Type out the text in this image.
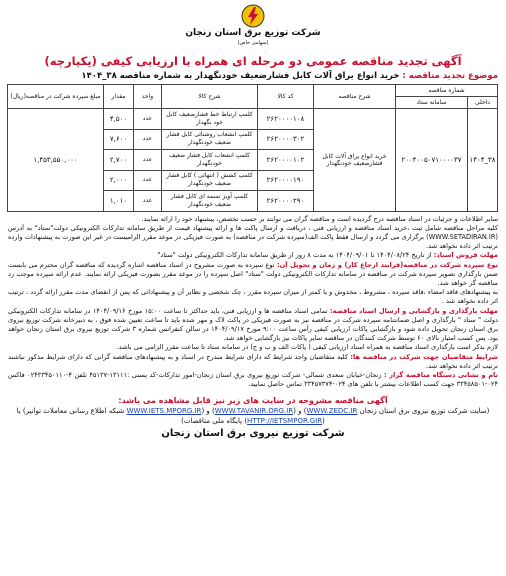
شرکت توزیع برق استان زنجان
(سهامی خاص)
آگهی تجدید مناقصه عمومی دو مرحله ای همراه با ارزیابی کیفی (یکپارچه)
موضوع تجدید مناقصه : خرید انواع یراق آلات کابل فشارضعیف خودنگهدار به شماره مناقصه ۳۸_۱۴۰۴
شماره مناقصه		شرح مناقصه	کد کالا	شرح کالا	واحد	مقدار	مبلغ سپرده شرکت در مناقصه(ریال)
داخلی	سامانه ستاد						
۳۸_۱۴۰۴	۲۰۰۴۰۰۵۰۷۱۰۰۰۰۳۷	خرید انواع یراق آلات کابل فشارضعیف خودنگهدار	۲۶۲۰۰۰۰۱۰۸	کلمپ ارتباط خط فشارضعیف کابل خود نگهدار	عدد	۴,۵۰۰	۱,۴۵۳,۵۵۰,۰۰۰
			۲۶۲۰۰۰۰۳۰۲	کلمپ انشعاب روشنائی کابل فشار ضعیف خودنگهدار	عدد	۷,۶۰۰	
			۲۶۲۰۰۰۰۱۰۲	کلمپ انشعاب کابل فشار ضعیف خودنگهدار	عدد	۲,۷۰۰	
			۲۶۲۰۰۰۰۱۹۰	کلمپ کشش ( انتهائی ) کابل فشار ضعیف خودنگهدار	عدد	۲,۰۰۰	
			۲۶۲۰۰۰۰۲۹۰	کلمپ آویز تسمه ای کابل فشار ضعیف خودنگهدار	عدد	۱,۰۱۰	

سایر اطلاعات و جزئیات در اسناد مناقصه درج گردیده است و مناقصه گران می توانند بر حسب تخصص، پیشنهاد خود را ارائه نمایند.

کلیه مراحل مناقصه شامل ثبت ،خرید اسناد مناقصه و ارزیابی فنی ، دریافت و ارسال پاکت ها و ارائه پیشنهاد قیمت از طریق سامانه تدارکات الکترونیکی دولت"ستاد" به آدرس (WWW.SETADIRAN.IR) برگزاری می گردد و ارسال فقط پاکت الف(سپرده شرکت در مناقصه) به صورت فیزیکی در موعد مقرر الزامیست در غیر این صورت به پیشنهادات وارده ترتیب اثر داده نخواهد شد.

مهلت فروش اسناد: از تاریخ ۱۴۰۴/۰۸/۲۴ تا ۱۴۰۴/۰۹/۰۱ به مدت ۸ روز از طریق سامانه تدارکات الکترونیکی دولت "ستاد"

نوع سپرده شرکت در مناقصه(فرایند ارجاع کار) و زمان و تحویل آن: نوع سپرده به صورت مشروح در اسناد مناقصه اشاره گردیده که مناقصه گران محترم می بایست ضمن بارگذاری تصویر سپرده شرکت در مناقصه در سامانه تدارکات الکترونیکی دولت "ستاد" اصل سپرده را در موعد مقرر بصورت فیزیکی ارائه نمایند. عدم ارائه سپرده موجب رد مناقصه گر خواهد شد.

به پیشنهادهای فاقد امضاء ،فاقد سپرده ، مشروط ، مخدوش و یا کمتر از میزان سپرده مقرر ، چک شخصی و نظایر آن و پیشنهاداتی که پس از انقضای مدت مقرر ارائه گردد ، ترتیب اثر داده نخواهد شد .

مهلت بارگذاری و بازگشایی و ارسال اسناد مناقصه: تمامی اسناد مناقصه ها و ارزیابی فنی، باید حداکثر تا ساعت ۱۵:۰۰ مورخ ۱۴۰۴/۰۹/۱۶ در سامانه تدارکات الکترونیکی دولت " ستاد " بارگذاری و اصل ضمانتنامه سپرده شرکت در مناقصه نیز به صورت فیزیکی در پاکت لاک و مهر شده باید تا ساعت تعیین شده فوق ، به دبیرخانه شرکت توزیع نیروی برق استان زنجان تحویل داده شود و بازگشایی پاکات ارزیابی کیفی رأس ساعت ۹:۰۰ مورخ ۱۴۰۴/۰۹/۱۷ در سالن کنفرانس شماره ۳ شرکت توزیع نیروی برق استان زنجان خواهد بود. پس کسب امتیاز بالای ۶۰ توسط شرکت کنندگان در مناقصه سایر پاکات نیز بازگشایی خواهد شد.

لازم بذکر است بارگذاری اسناد مناقصه به همراه اسناد ارزیابی کیفی ( پاکات الف و ب و ج) در سامانه ستاد تا ساعت مقرر الزامی می باشد.

شرایط متقاضیان جهت شرکت در مناقصه ها: کلیه متقاضیان واجد شرایط که دارای شرایط مندرج در اسناد و به پیشنهادهای مناقصه گرانی که دارای شرایط مذکور نباشند ترتیب اثر داده نخواهد شد.

نام و نشانی دستگاه مناقصه گزار : زنجان-خیابان سعدی شمالی- شرکت توزیع نیروی برق استان زنجان-امور تدارکات-کد پستی :۱۳۱۱۱-۴۵۱۳۷ تلفن ۴-۰۲۴۳۳۴۵۰۱۱۰ فاکس ۰۲۴-۳۳۴۵۸۵۰۱ جهت کسب اطلاعات بیشتر با تلفن های ۰۲۴-۳۳۴۵۷۳۷۴ تماس حاصل نمایید.

آگهی مناقصه مشروحه در سایت های زیر نیز قابل مشاهده می باشد:
(سایت شرکت توزیع نیروی برق استان زنجان WWW.ZEDC.IR) و (WWW.TAVANIR.ORG.IR) و (WWW.IETS.MPORG.IR شبکه اطلاع رسانی معاملات توانیر) یا
(HTTP://IETSMPOR.GIR) پایگاه ملی مناقصات)
شرکت توزیع نیروی برق استان زنجان
